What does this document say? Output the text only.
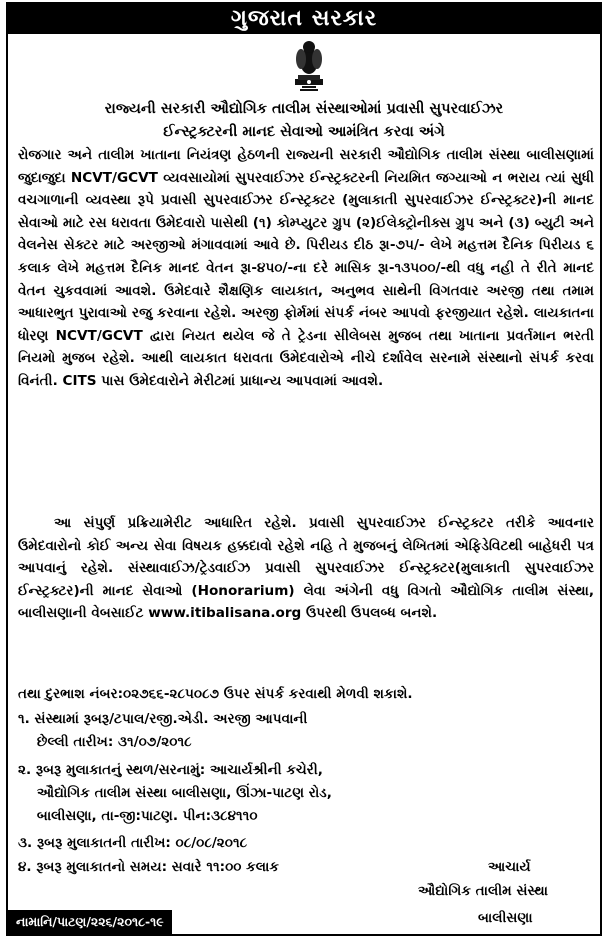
ગુજરાત સરકાર
રાજ્યની સરકારી ઔદ્યોગિક તાલીમ સંસ્થાઓમાં પ્રવાસી સુપરવાઈઝર
ઈન્સ્ટ્રક્ટરની માનદ સેવાઓ આમંત્રિત કરવા અંગે
રોજગાર અને તાલીમ ખાતાના નિયંત્રણ હેઠળની રાજ્યની સરકારી ઔદ્યોગિક તાલીમ સંસ્થા બાલીસણામાં જુદાજુદા NCVT/GCVT વ્યવસાયોમાં સુપરવાઈઝર ઈન્સ્ટ્રક્ટરની નિયમિત જગ્યાઓ ન ભરાય ત્યાં સુધી વચગાળાની વ્યવસ્થા રૂપે પ્રવાસી સુપરવાઈઝર ઈન્સ્ટ્રક્ટર (મુલાકાતી સુપરવાઈઝર ઈન્સ્ટ્રક્ટર)ની માનદ સેવાઓ માટે રસ ધરાવતા ઉમેદવારો પાસેથી (૧) કોમ્પ્યુટર ગ્રુપ (૨)ઈલેક્ટ્રોનીક્સ ગ્રુપ અને (૩) બ્યુટી અને વેલનેસ સેક્ટર માટે અરજીઓ મંગાવવામાં આવે છે. પિરીયડ દીઠ રૂ।-૭૫/- લેખે મહત્તમ દૈનિક પિરીયડ ૬ કલાક લેખે મહત્તમ દૈનિક માનદ વેતન રૂ।-૪૫૦/-ના દરે માસિક રૂ।-૧૩૫૦૦/-થી વધુ નહી તે રીતે માનદ વેતન ચુકવવામાં આવશે. ઉમેદવારે શૈક્ષણિક લાયકાત, અનુભવ સાથેની વિગતવાર અરજી તથા તમામ આધારભુત પુરાવાઓ રજુ કરવાના રહેશે. અરજી ફોર્મમાં સંપર્ક નંબર આપવો ફરજીયાત રહેશે. લાયકાતના ધોરણ NCVT/GCVT દ્વારા નિયત થયેલ જે તે ટ્રેડના સીલેબસ મુજબ તથા ખાતાના પ્રવર્તમાન ભરતી નિયમો મુજબ રહેશે. આથી લાયકાત ધરાવતા ઉમેદવારોએ નીચે દર્શાવેલ સરનામે સંસ્થાનો સંપર્ક કરવા વિનંતી. CITS પાસ ઉમેદવારોને મેરીટમાં પ્રાધાન્ય આપવામાં આવશે.
આ સંપુર્ણ પ્રક્રિયામેરીટ આધારિત રહેશે. પ્રવાસી સુપરવાઈઝર ઈન્સ્ટ્રક્ટર તરીકે આવનાર ઉમેદવારોનો કોઈ અન્ય સેવા વિષયક હક્કદાવો રહેશે નહિ તે મુજબનું લેખિતમાં એફિડેવિટથી બાહેધરી પત્ર આપવાનું રહેશે. સંસ્થાવાઈઝ/ટ્રેડવાઈઝ પ્રવાસી સુપરવાઈઝર ઈન્સ્ટ્રક્ટર(મુલાકાતી સુપરવાઈઝર ઈન્સ્ટ્રક્ટર)ની માનદ સેવાઓ (Honorarium) લેવા અંગેની વધુ વિગતો ઔદ્યોગિક તાલીમ સંસ્થા, બાલીસણાની વેબસાઈટ www.itibalisana.org ઉપરથી ઉપલબ્ધ બનશે.
તથા દુરભાશ નંબર:૦૨૭૬૬-૨૮૫૦૮૭ ઉપર સંપર્ક કરવાથી મેળવી શકાશે.
૧. સંસ્થામાં રૂબરૂ/ટપાલ/રજી.એડી. અરજી આપવાની
છેલ્લી તારીખ: ૩૧/૦૭/૨૦૧૮
૨. રૂબરૂ મુલાકાતનું સ્થળ/સરનામું: આચાર્યશ્રીની કચેરી,
ઔદ્યોગિક તાલીમ સંસ્થા બાલીસણા, ઊંઝા-પાટણ રોડ,
બાલીસણા, તા-જી:પાટણ. પીન:૩૮૪૧૧૦
૩. રૂબરૂ મુલાકાતની તારીખ: ૦૮/૦૮/૨૦૧૮
૪. રૂબરૂ મુલાકાતનો સમય: સવારે ૧૧:૦૦ કલાક	આચાર્ય
ઔદ્યોગિક તાલીમ સંસ્થા
બાલીસણા
નામાનિ/પાટણ/૨૨૬/૨૦૧૮-૧૯
